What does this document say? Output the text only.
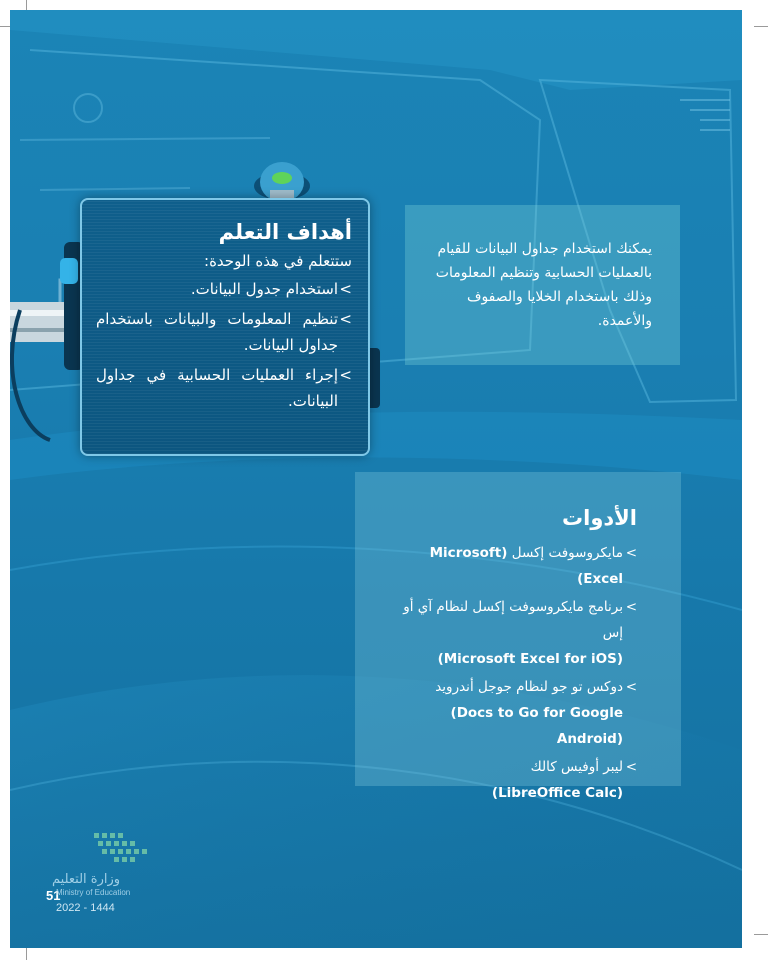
أهداف التعلم

ستتعلم في هذه الوحدة:

>
استخدام جدول البيانات.
>
تنظيم المعلومات والبيانات باستخدام جداول البيانات.
>
إجراء العمليات الحسابية في جداول البيانات.
يمكنك استخدام جداول البيانات للقيام بالعمليات الحسابية وتنظيم المعلومات وذلك باستخدام الخلايا والصفوف والأعمدة.
الأدوات
>
مايكروسوفت إكسل (Microsoft Excel)
>
برنامج مايكروسوفت إكسل لنظام آي أو إس
(Microsoft Excel for iOS)
>
دوكس تو جو لنظام جوجل أندرويد
(Docs to Go for Google Android)
>
ليبر أوفيس كالك
(LibreOffice Calc)
وزارة التعليم
51
Ministry of Education
2022 - 1444
